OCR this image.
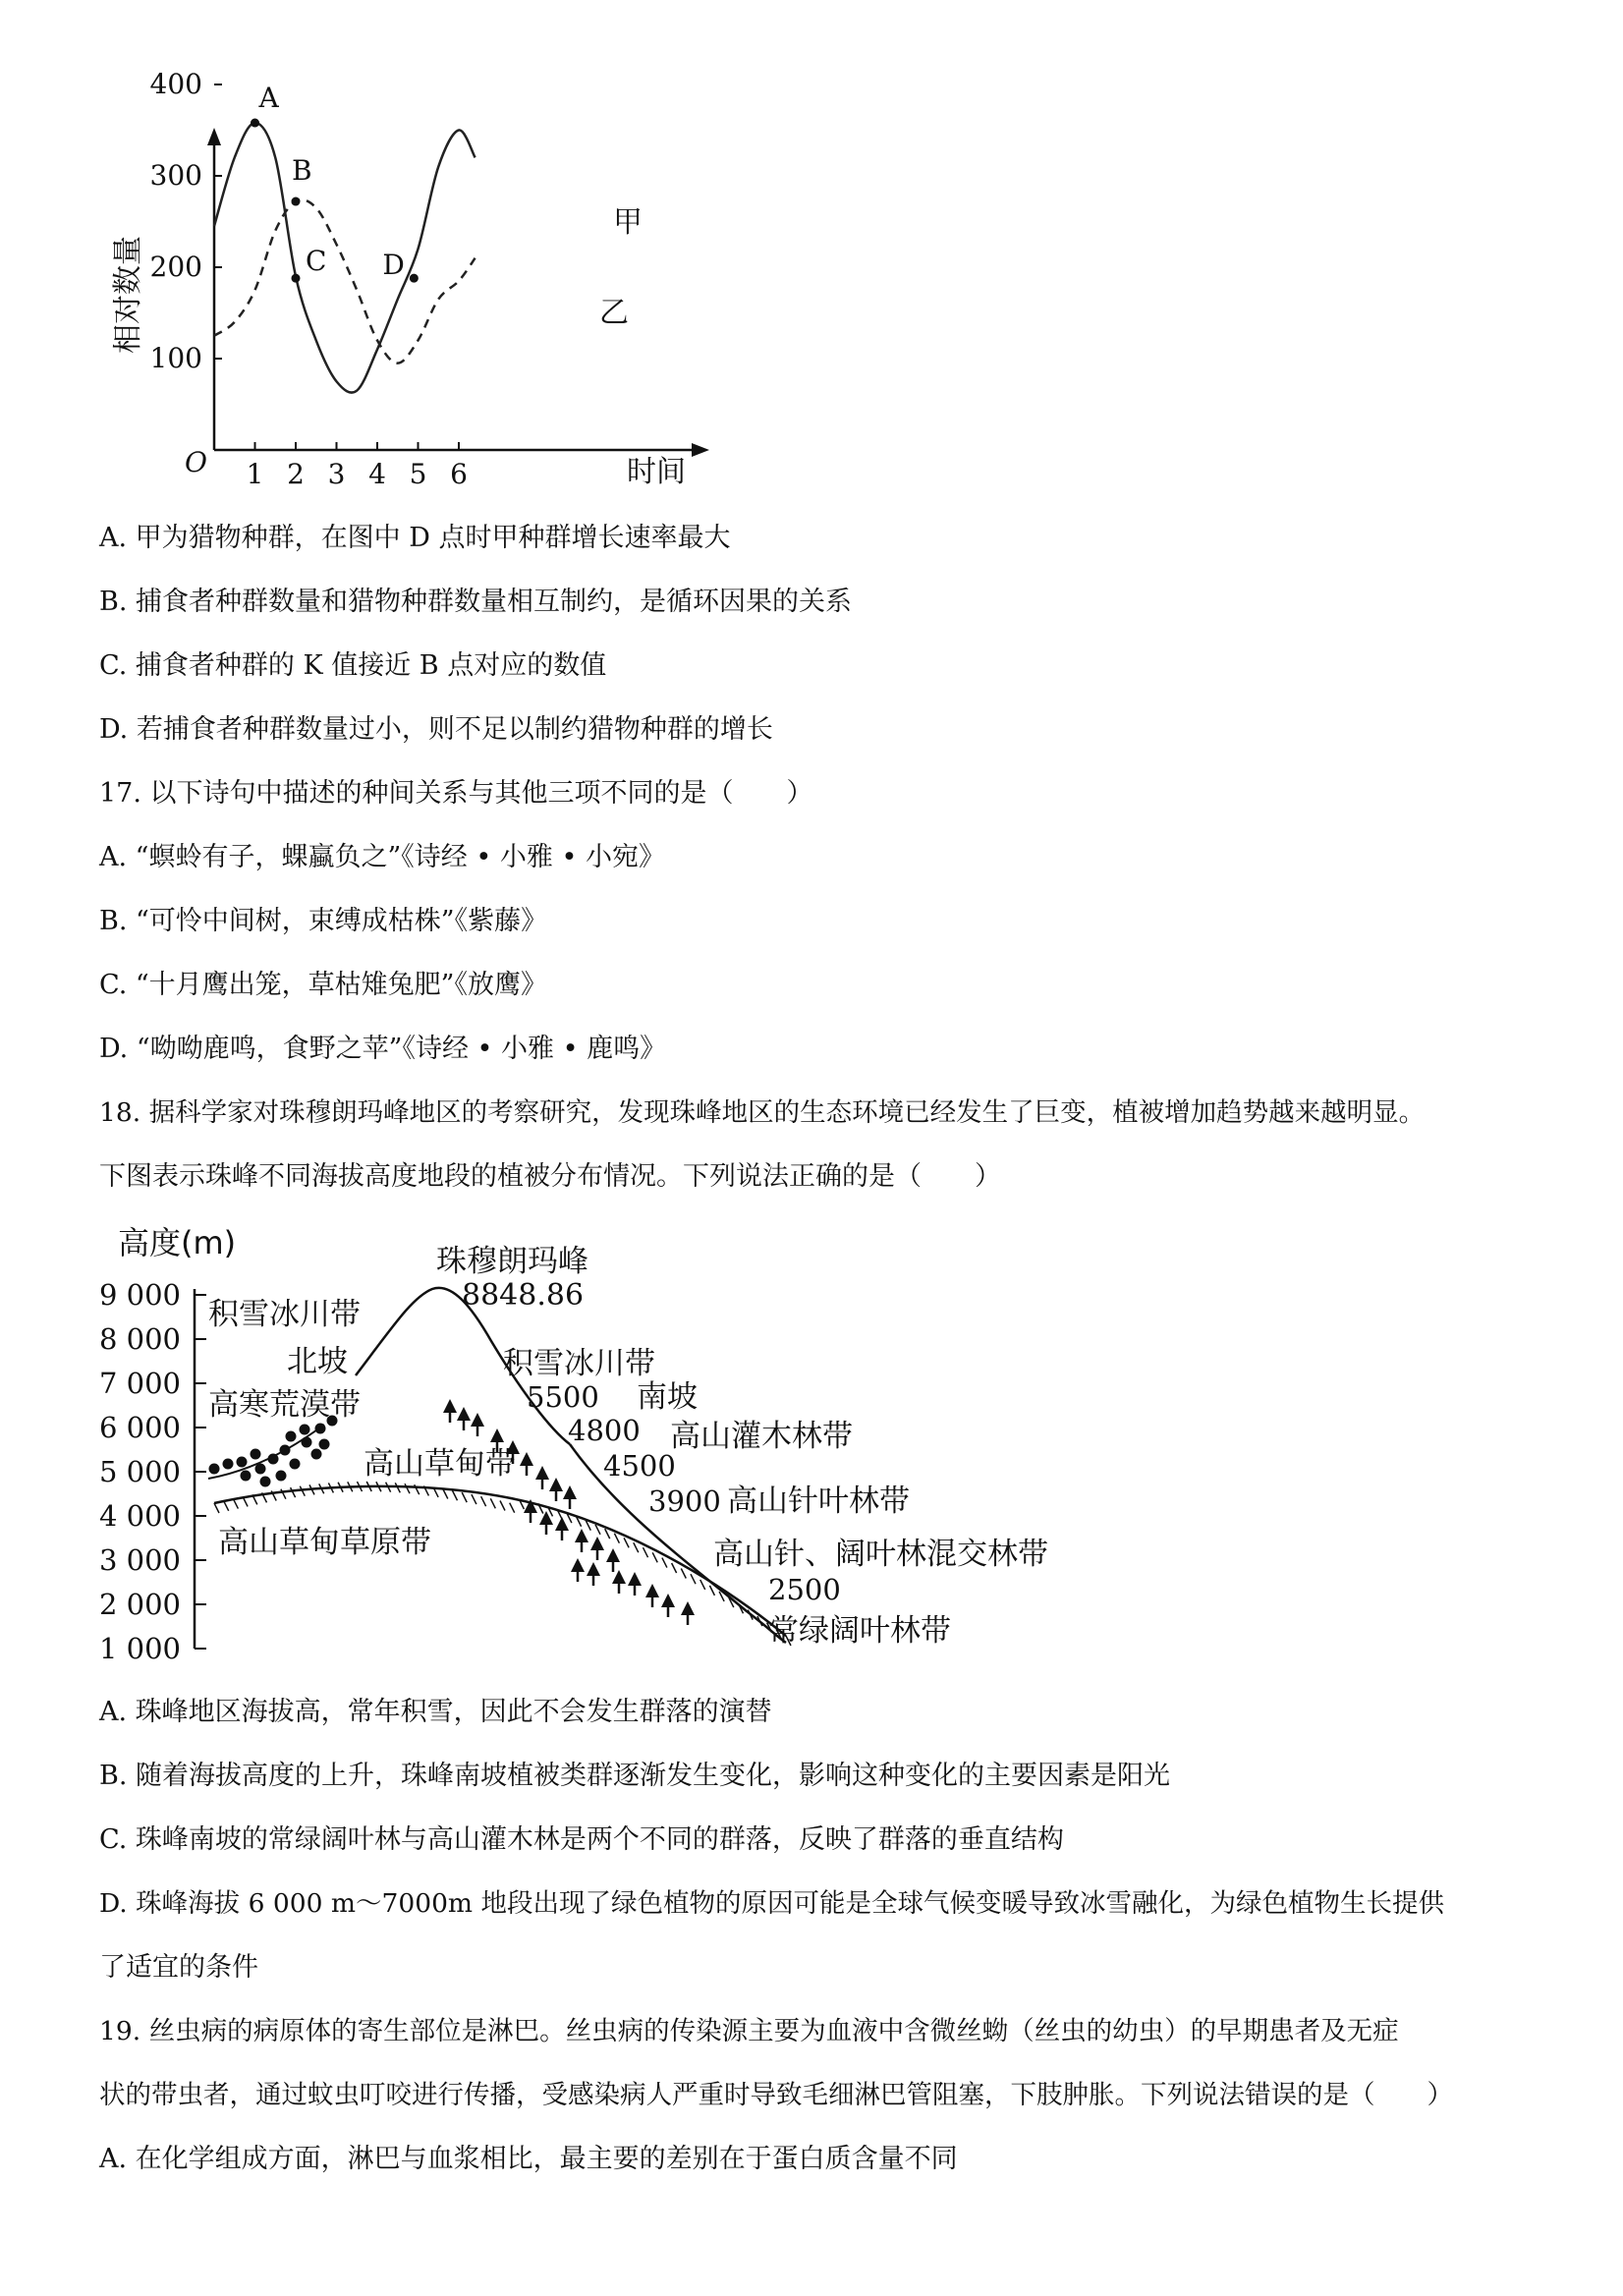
400
300
200
100
1 2 3 4 5 6
A
B
C D
O	时间
相对数量
甲
乙
A. 甲为猎物种群，在图中 D 点时甲种群增长速率最大
B. 捕食者种群数量和猎物种群数量相互制约，是循环因果的关系
C. 捕食者种群的 K 值接近 B 点对应的数值
D. 若捕食者种群数量过小，则不足以制约猎物种群的增长
17. 以下诗句中描述的种间关系与其他三项不同的是（　　）
A. “螟蛉有子，蜾蠃负之”《诗经 • 小雅 • 小宛》
B. “可怜中间树，束缚成枯株”《紫藤》
C. “十月鹰出笼，草枯雉兔肥”《放鹰》
D. “呦呦鹿鸣，食野之苹”《诗经 • 小雅 • 鹿鸣》
18. 据科学家对珠穆朗玛峰地区的考察研究，发现珠峰地区的生态环境已经发生了巨变，植被增加趋势越来越明显。
下图表示珠峰不同海拔高度地段的植被分布情况。下列说法正确的是（　　）
高度(m)
9 000
8 000
7 000
6 000
5 000
4 000
3 000
2 000
1 000
珠穆朗玛峰
8848.86
积雪冰川带
北坡
高寒荒漠带
高山草甸带
高山草甸草原带
积雪冰川带
5500 南坡
4800 高山灌木林带
4500
3900 高山针叶林带
高山针、阔叶林混交林带
2500
常绿阔叶林带
A. 珠峰地区海拔高，常年积雪，因此不会发生群落的演替
B. 随着海拔高度的上升，珠峰南坡植被类群逐渐发生变化，影响这种变化的主要因素是阳光
C. 珠峰南坡的常绿阔叶林与高山灌木林是两个不同的群落，反映了群落的垂直结构
D. 珠峰海拔 6 000 m～7000m 地段出现了绿色植物的原因可能是全球气候变暖导致冰雪融化，为绿色植物生长提供
了适宜的条件
19. 丝虫病的病原体的寄生部位是淋巴。丝虫病的传染源主要为血液中含微丝蚴（丝虫的幼虫）的早期患者及无症
状的带虫者，通过蚊虫叮咬进行传播，受感染病人严重时导致毛细淋巴管阻塞，下肢肿胀。下列说法错误的是（　　）
A. 在化学组成方面，淋巴与血浆相比，最主要的差别在于蛋白质含量不同
